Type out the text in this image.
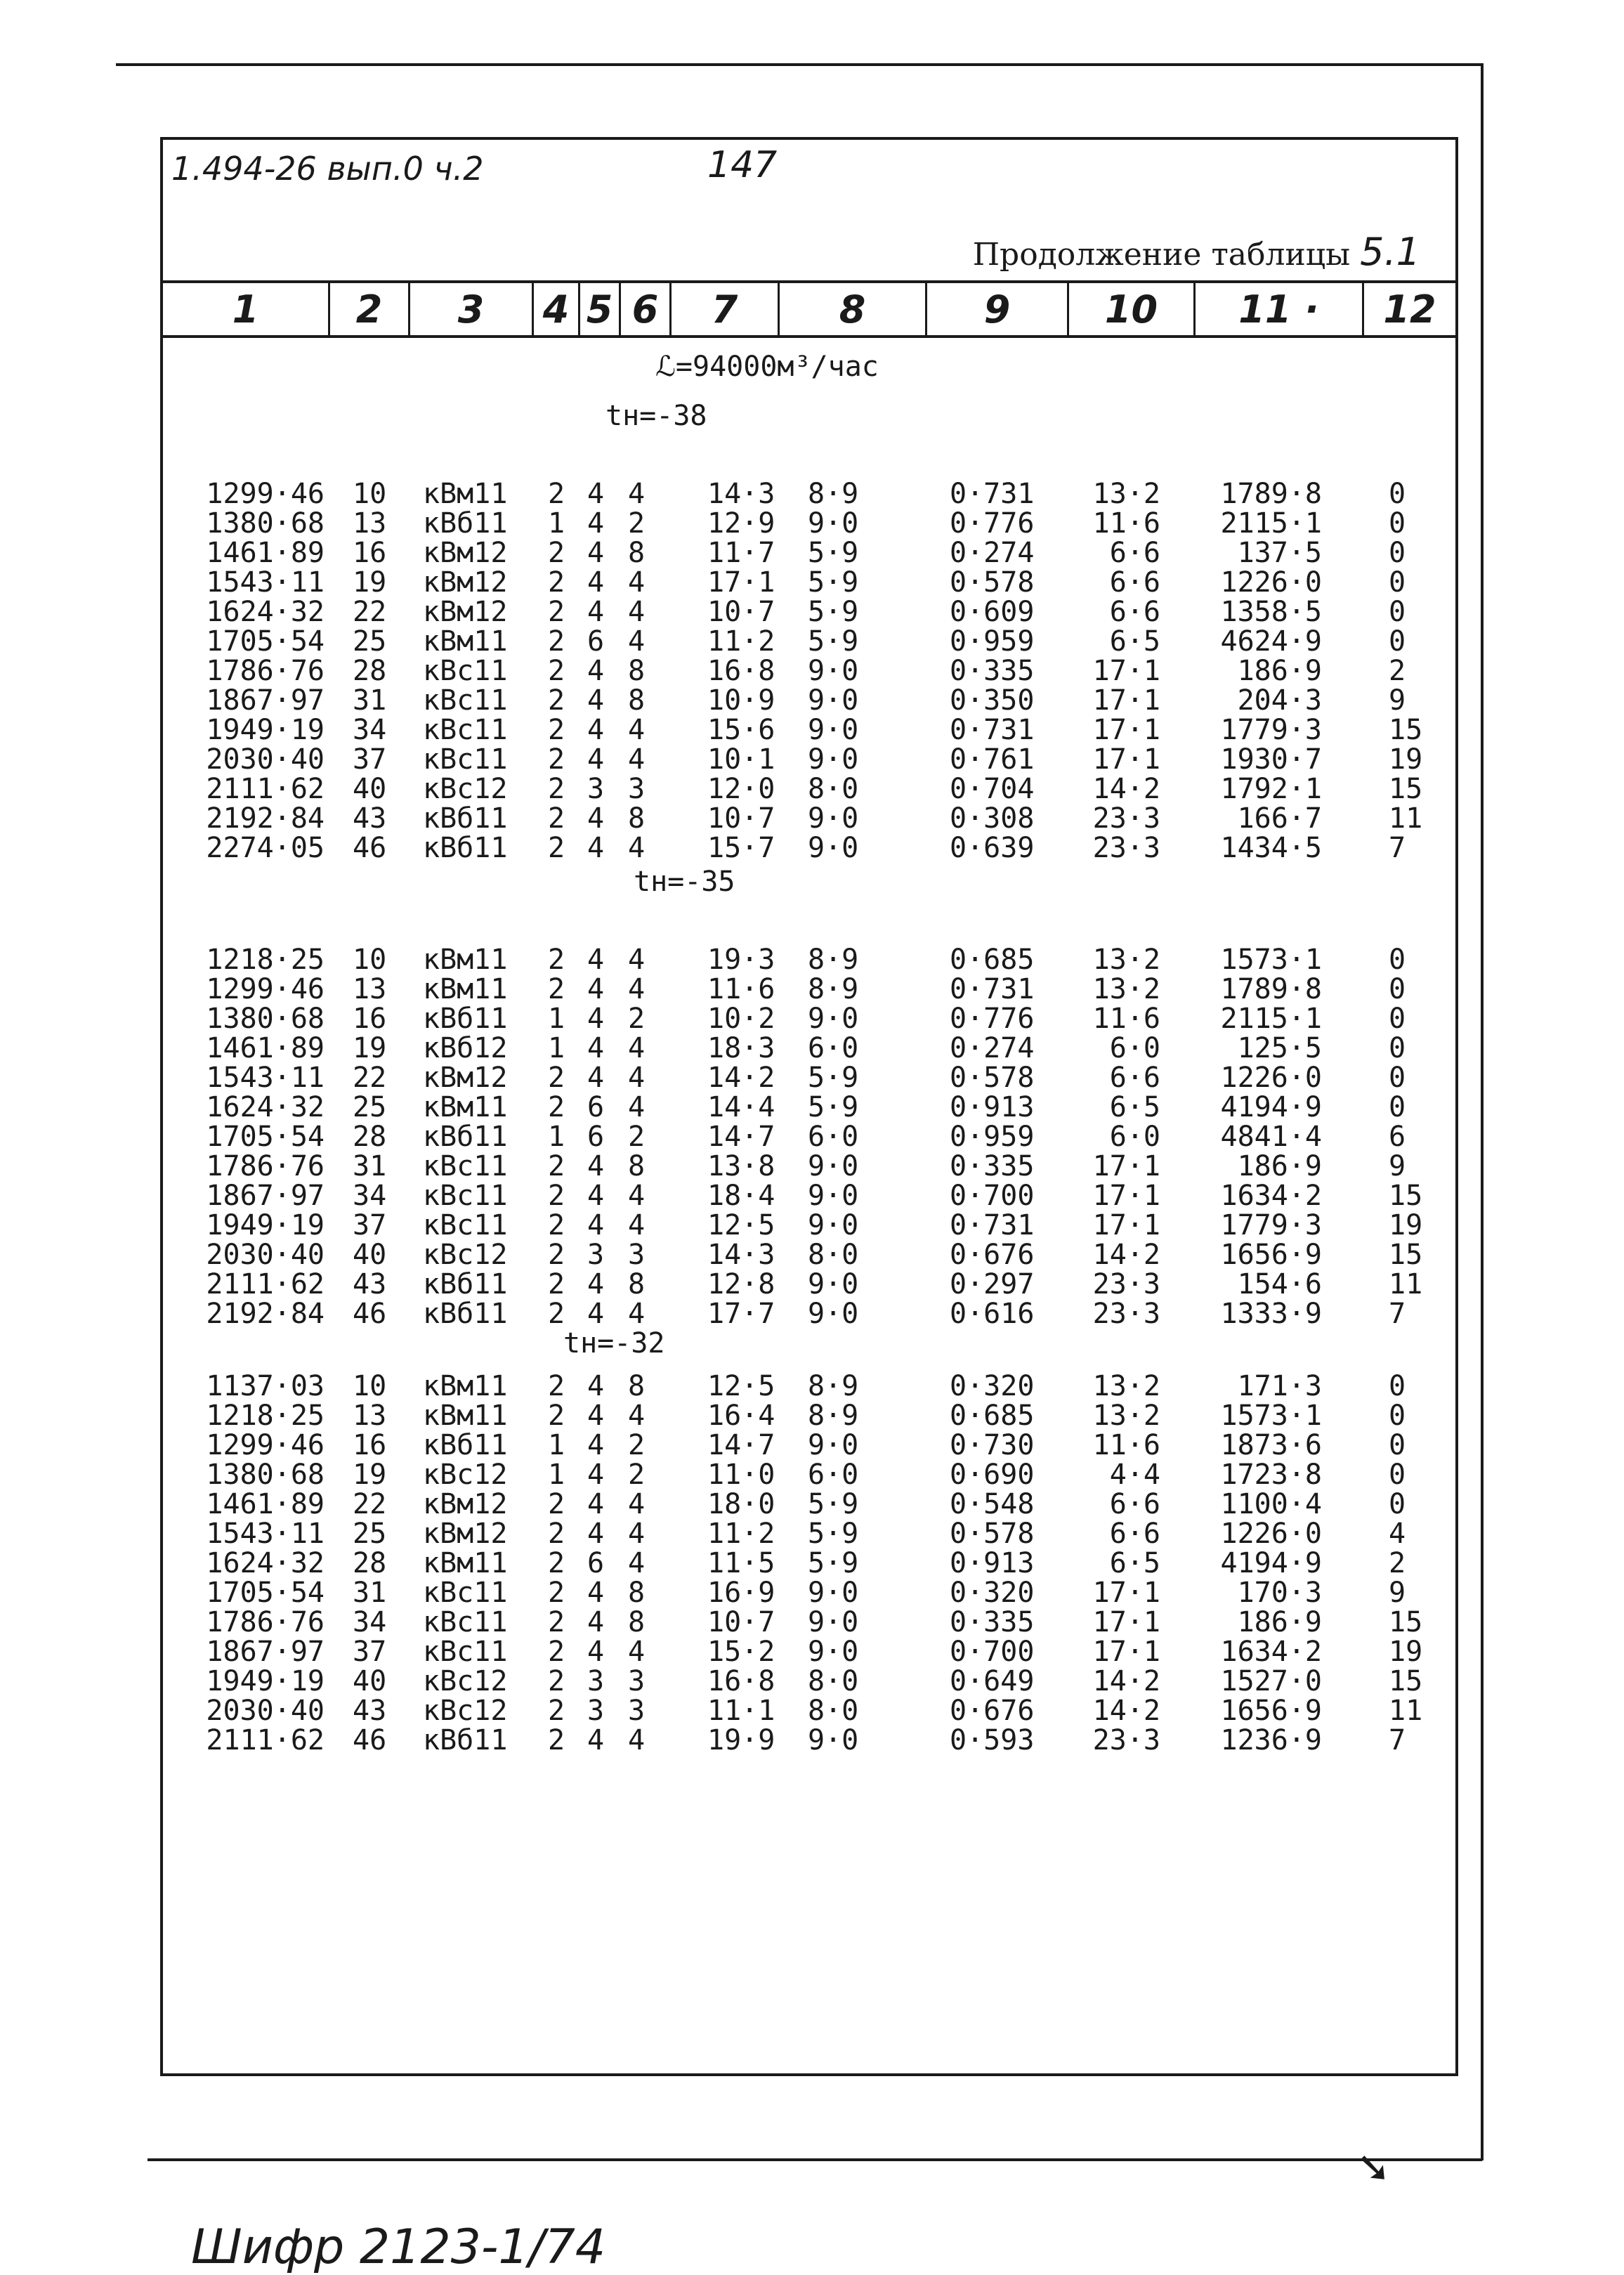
1.494-26 вып.0 ч.2	147
Продолжение таблицы 5.1
1	2	3	4 5 6	7	8	9	10	11 ·	12
ℒ=94000м³/час
tн=-38
1299·46 10 кВм11	2 4 4	14·3	8·9	0·731	13·2	1789·8 0
1380·68 13 кВб11	1 4 2	12·9	9·0	0·776	11·6	2115·1 0
1461·89 16 кВм12	2 4 8	11·7	5·9	0·274	6·6	137·5 0
1543·11 19 кВм12	2 4 4	17·1	5·9	0·578	6·6	1226·0 0
1624·32 22 кВм12	2 4 4	10·7	5·9	0·609	6·6	1358·5 0
1705·54 25 кВм11	2 6 4	11·2	5·9	0·959	6·5	4624·9 0
1786·76 28 кВс11	2 4 8	16·8	9·0	0·335	17·1	186·9 2
1867·97 31 кВс11	2 4 8	10·9	9·0	0·350	17·1	204·3 9
1949·19 34 кВс11	2 4 4	15·6	9·0	0·731	17·1	1779·3 15
2030·40 37 кВс11	2 4 4	10·1	9·0	0·761	17·1	1930·7 19
2111·62 40 кВс12	2 3 3	12·0	8·0	0·704	14·2	1792·1 15
2192·84 43 кВб11	2 4 8	10·7	9·0	0·308	23·3	166·7 11
2274·05 46 кВб11	2 4 4	15·7	9·0	0·639	23·3	1434·5 7
tн=-35
1218·25 10 кВм11	2 4 4	19·3	8·9	0·685	13·2	1573·1 0
1299·46 13 кВм11	2 4 4	11·6	8·9	0·731	13·2	1789·8 0
1380·68 16 кВб11	1 4 2	10·2	9·0	0·776	11·6	2115·1 0
1461·89 19 кВб12	1 4 4	18·3	6·0	0·274	6·0	125·5 0
1543·11 22 кВм12	2 4 4	14·2	5·9	0·578	6·6	1226·0 0
1624·32 25 кВм11	2 6 4	14·4	5·9	0·913	6·5	4194·9 0
1705·54 28 кВб11	1 6 2	14·7	6·0	0·959	6·0	4841·4 6
1786·76 31 кВс11	2 4 8	13·8	9·0	0·335	17·1	186·9 9
1867·97 34 кВс11	2 4 4	18·4	9·0	0·700	17·1	1634·2 15
1949·19 37 кВс11	2 4 4	12·5	9·0	0·731	17·1	1779·3 19
2030·40 40 кВс12	2 3 3	14·3	8·0	0·676	14·2	1656·9 15
2111·62 43 кВб11	2 4 8	12·8	9·0	0·297	23·3	154·6 11
2192·84 46 кВб11	2 4 4	17·7	9·0	0·616	23·3	1333·9 7
tн=-32
1137·03 10 кВм11	2 4 8	12·5	8·9	0·320	13·2	171·3 0
1218·25 13 кВм11	2 4 4	16·4	8·9	0·685	13·2	1573·1 0
1299·46 16 кВб11	1 4 2	14·7	9·0	0·730	11·6	1873·6 0
1380·68 19 кВс12	1 4 2	11·0	6·0	0·690	4·4	1723·8 0
1461·89 22 кВм12	2 4 4	18·0	5·9	0·548	6·6	1100·4 0
1543·11 25 кВм12	2 4 4	11·2	5·9	0·578	6·6	1226·0 4
1624·32 28 кВм11	2 6 4	11·5	5·9	0·913	6·5	4194·9 2
1705·54 31 кВс11	2 4 8	16·9	9·0	0·320	17·1	170·3 9
1786·76 34 кВс11	2 4 8	10·7	9·0	0·335	17·1	186·9 15
1867·97 37 кВс11	2 4 4	15·2	9·0	0·700	17·1	1634·2 19
1949·19 40 кВс12	2 3 3	16·8	8·0	0·649	14·2	1527·0 15
2030·40 43 кВс12	2 3 3	11·1	8·0	0·676	14·2	1656·9 11
2111·62 46 кВб11	2 4 4	19·9	9·0	0·593	23·3	1236·9 7
Шифр 2123-1/74
➘
